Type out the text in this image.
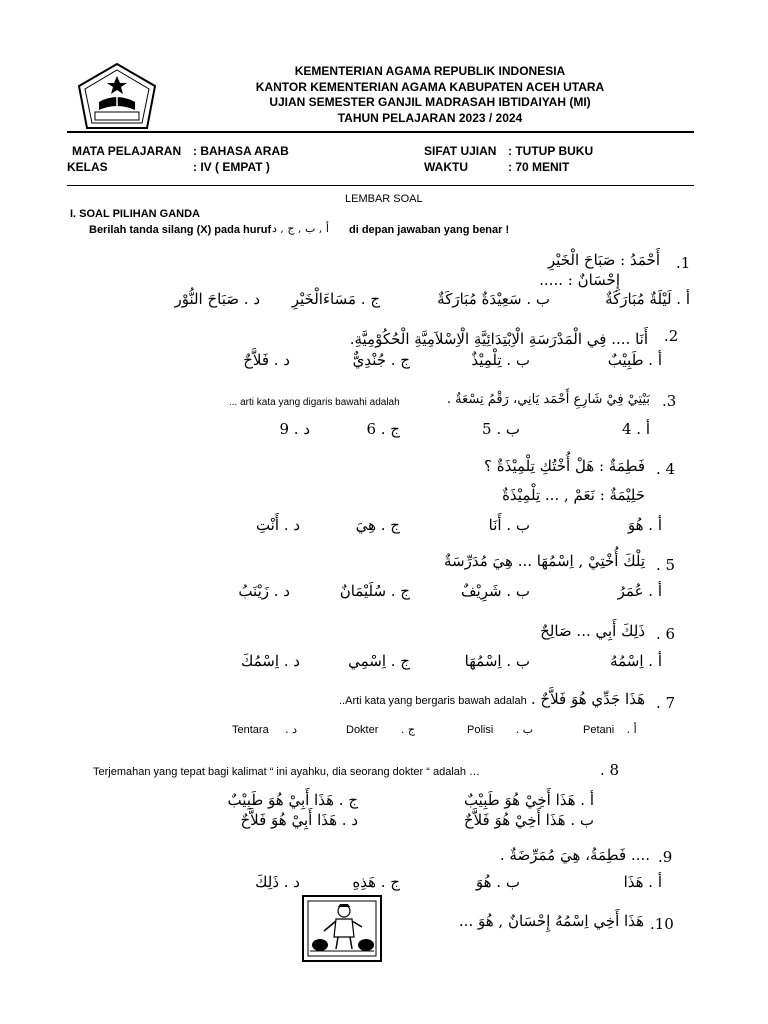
KEMENTERIAN AGAMA REPUBLIK INDONESIA
KANTOR KEMENTERIAN AGAMA KABUPATEN ACEH UTARA
UJIAN SEMESTER GANJIL MADRASAH IBTIDAIYAH (MI)
TAHUN PELAJARAN 2023 / 2024
MATA PELAJARAN : BAHASA ARAB
KELAS	: IV ( EMPAT )
SIFAT UJIAN : TUTUP BUKU
WAKTU	: 70 MENIT
LEMBAR SOAL
I. SOAL PILIHAN GANDA
Berilah tanda silang (X) pada huruf أ , ب , ج , د di depan jawaban yang benar !
.1
أَحْمَدُ : صَبَاحَ الْخَيْرِ
إِحْسَانٌ : .....
أ . لَيْلَةٌ مُبَارَكَةٌ
ب . سَعِيْدَةٌ مُبَارَكَةٌ
ج . مَسَاءَالْخَيْرِ
د . صَبَاحَ النُّوْر
.2
أَنَا .... فِي الْمَدْرَسَةِ الْاِبْتِدَائِيَّةِ الْاِسْلاَمِيَّةِ الْحُكُوْمِيَّةِ.
أ . طَبِيْبٌ
ب . تِلْمِيْذٌ
ج . جُنْدِيٌّ
د . فَلاَّحٌ
.3
بَيْتِيْ فِيْ شَارِعِ أَحْمَد يَانِي، رَقْمُ تِسْعَةٌ .
... arti kata yang digaris bawahi adalah
أ . 4
ب . 5
ج . 6
د . 9
. 4
فَطِمَةٌ : هَلْ أُخْتُكِ تِلْمِيْذَةٌ ؟
حَلِيْمَةٌ : نَعَمْ , ... تِلْمِيْذَةٌ
أ . هُوَ
ب . أَنَا
ج . هِيَ
د . أَنْتِ
. 5
تِلْكَ أُخْتِيْ , اِسْمُهَا ... هِيَ مُدَرِّسَةٌ
أ . عُمَرُ
ب . شَرِيْفٌ
ج . سُلَيْمَانٌ
د . زَيْنَبُ
. 6
ذَلِكَ أَبِي ... صَالِحٌ
أ . اِسْمُهُ
ب . اِسْمُهَا
ج . اِسْمِي
د . اِسْمُكَ
. 7
هَذَا جَدِّي هُوَ فَلاَّحٌ .
..Arti kata yang bergaris bawah adalah
Petani أ .
Polisi ب .
Dokter ج .
Tentara د .
. 8
Terjemahan yang tepat bagi kalimat “ ini ayahku, dia seorang dokter “ adalah …
أ . هَذَا أَخِيْ هُوَ طَبِيْبٌ
ب . هَذَا أَخِيْ هُوَ فَلاَّحٌ
ج . هَذَا أَبِيْ هُوَ طَبِيْبٌ
د . هَذَا أَبِيْ هُوَ فَلاَّحٌ
.9
.... فَطِمَةُ، هِيَ مُمَرِّضَةٌ .
أ . هَذَا
ب . هُوَ
ج . هَذِهِ
د . ذَلِكَ
.10
هَذَا أَخِي اِسْمُهُ إِحْسَانٌ , هُوَ ...
